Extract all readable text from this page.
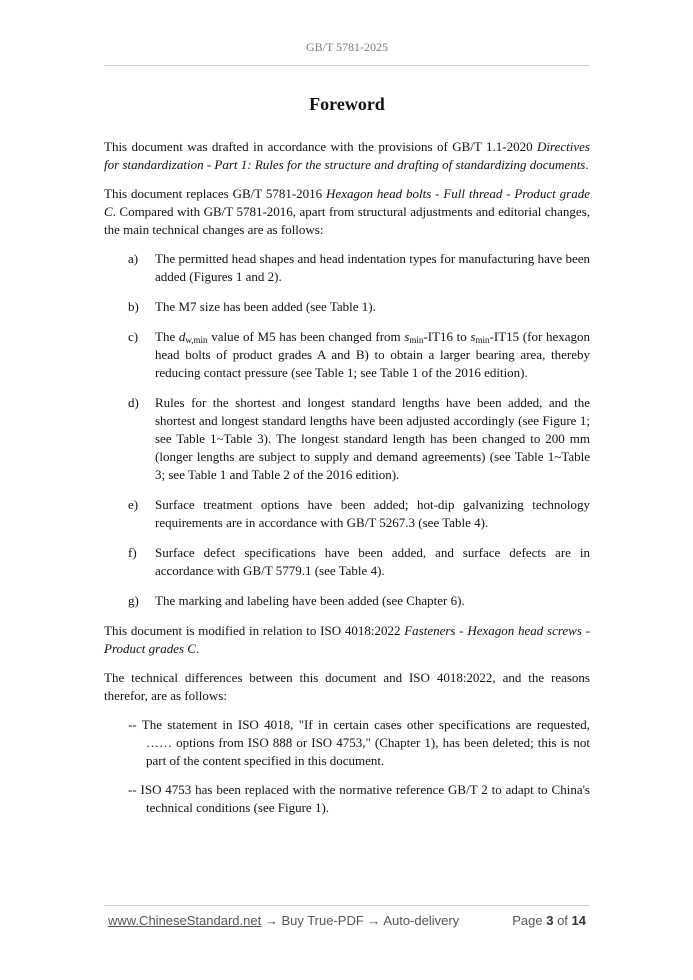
GB/T 5781-2025
Foreword

This document was drafted in accordance with the provisions of GB/T 1.1-2020 Directives for standardization - Part 1: Rules for the structure and drafting of standardizing documents.

This document replaces GB/T 5781-2016 Hexagon head bolts - Full thread - Product grade C. Compared with GB/T 5781-2016, apart from structural adjustments and editorial changes, the main technical changes are as follows:

a)	The permitted head shapes and head indentation types for manufacturing have been added (Figures 1 and 2).
b)	The M7 size has been added (see Table 1).
c)	The $d_{w,min}$ value of M5 has been changed from $s_{min}-IT16$ to $s_{min}-IT15$ (for hexagon head bolts of product grades A and B) to obtain a larger bearing area, thereby reducing contact pressure (see Table 1; see Table 1 of the 2016 edition).
d)	Rules for the shortest and longest standard lengths have been added, and the shortest and longest standard lengths have been adjusted accordingly (see Figure 1; see Table 1~Table 3). The longest standard length has been changed to 200 mm (longer lengths are subject to supply and demand agreements) (see Table 1~Table 3; see Table 1 and Table 2 of the 2016 edition).
e)	Surface treatment options have been added; hot-dip galvanizing technology requirements are in accordance with GB/T 5267.3 (see Table 4).
f)	Surface defect specifications have been added, and surface defects are in accordance with GB/T 5779.1 (see Table 4).
g)	The marking and labeling have been added (see Chapter 6).

This document is modified in relation to ISO 4018:2022 Fasteners - Hexagon head screws - Product grades C.

The technical differences between this document and ISO 4018:2022, and the reasons therefor, are as follows:

-- The statement in ISO 4018, "If in certain cases other specifications are requested, …… options from ISO 888 or ISO 4753," (Chapter 1), has been deleted; this is not part of the content specified in this document.
-- ISO 4753 has been replaced with the normative reference GB/T 2 to adapt to China's technical conditions (see Figure 1).
www.ChineseStandard.net → Buy True-PDF → Auto-delivery	Page 3 of 14
